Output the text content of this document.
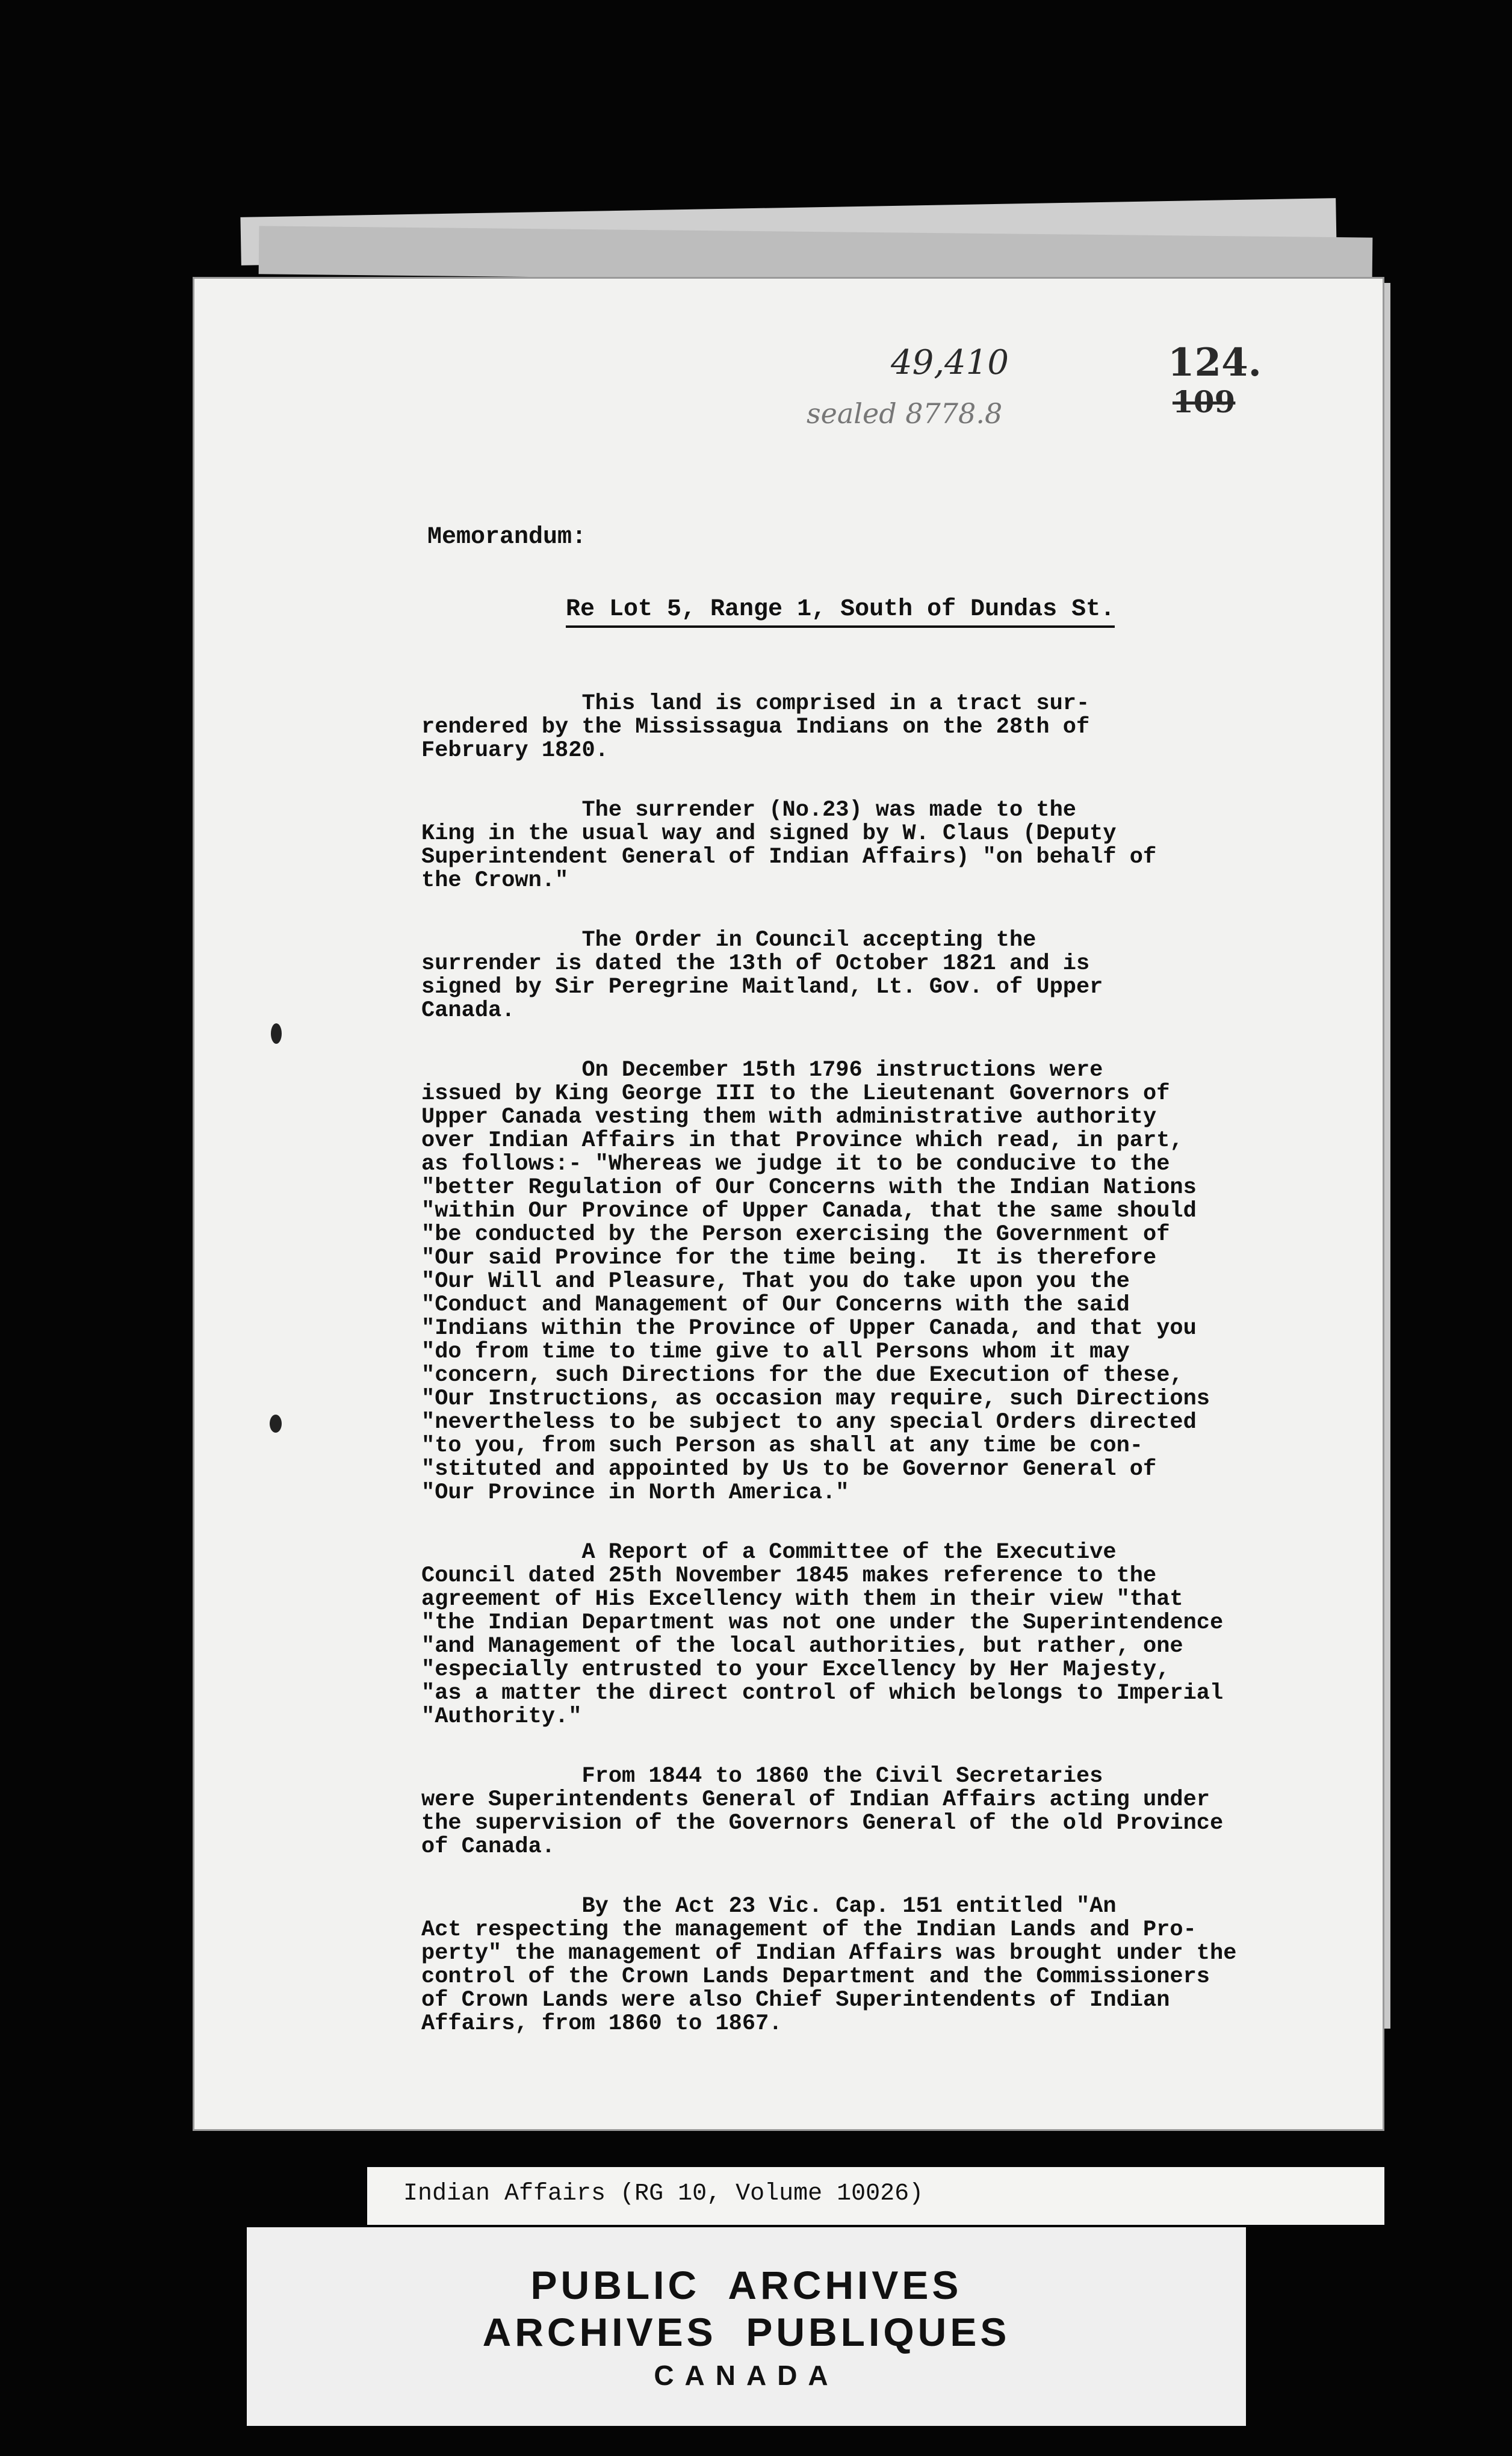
49,410
sealed 8778.8
124.
109
Memorandum:
Re Lot 5, Range 1, South of Dundas St.
This land is comprised in a tract sur-
rendered by the Mississagua Indians on the 28th of
February 1820.
The surrender (No.23) was made to the
King in the usual way and signed by W. Claus (Deputy
Superintendent General of Indian Affairs) "on behalf of
the Crown."
The Order in Council accepting the
surrender is dated the 13th of October 1821 and is
signed by Sir Peregrine Maitland, Lt. Gov. of Upper
Canada.
On December 15th 1796 instructions were
issued by King George III to the Lieutenant Governors of
Upper Canada vesting them with administrative authority
over Indian Affairs in that Province which read, in part,
as follows:- "Whereas we judge it to be conducive to the
"better Regulation of Our Concerns with the Indian Nations
"within Our Province of Upper Canada, that the same should
"be conducted by the Person exercising the Government of
"Our said Province for the time being.  It is therefore
"Our Will and Pleasure, That you do take upon you the
"Conduct and Management of Our Concerns with the said
"Indians within the Province of Upper Canada, and that you
"do from time to time give to all Persons whom it may
"concern, such Directions for the due Execution of these,
"Our Instructions, as occasion may require, such Directions
"nevertheless to be subject to any special Orders directed
"to you, from such Person as shall at any time be con-
"stituted and appointed by Us to be Governor General of
"Our Province in North America."
A Report of a Committee of the Executive
Council dated 25th November 1845 makes reference to the
agreement of His Excellency with them in their view "that
"the Indian Department was not one under the Superintendence
"and Management of the local authorities, but rather, one
"especially entrusted to your Excellency by Her Majesty,
"as a matter the direct control of which belongs to Imperial
"Authority."
From 1844 to 1860 the Civil Secretaries
were Superintendents General of Indian Affairs acting under
the supervision of the Governors General of the old Province
of Canada.
By the Act 23 Vic. Cap. 151 entitled "An
Act respecting the management of the Indian Lands and Pro-
perty" the management of Indian Affairs was brought under the
control of the Crown Lands Department and the Commissioners
of Crown Lands were also Chief Superintendents of Indian
Affairs, from 1860 to 1867.
Indian Affairs (RG 10, Volume 10026)
PUBLIC  ARCHIVES
ARCHIVES  PUBLIQUES
CANADA
